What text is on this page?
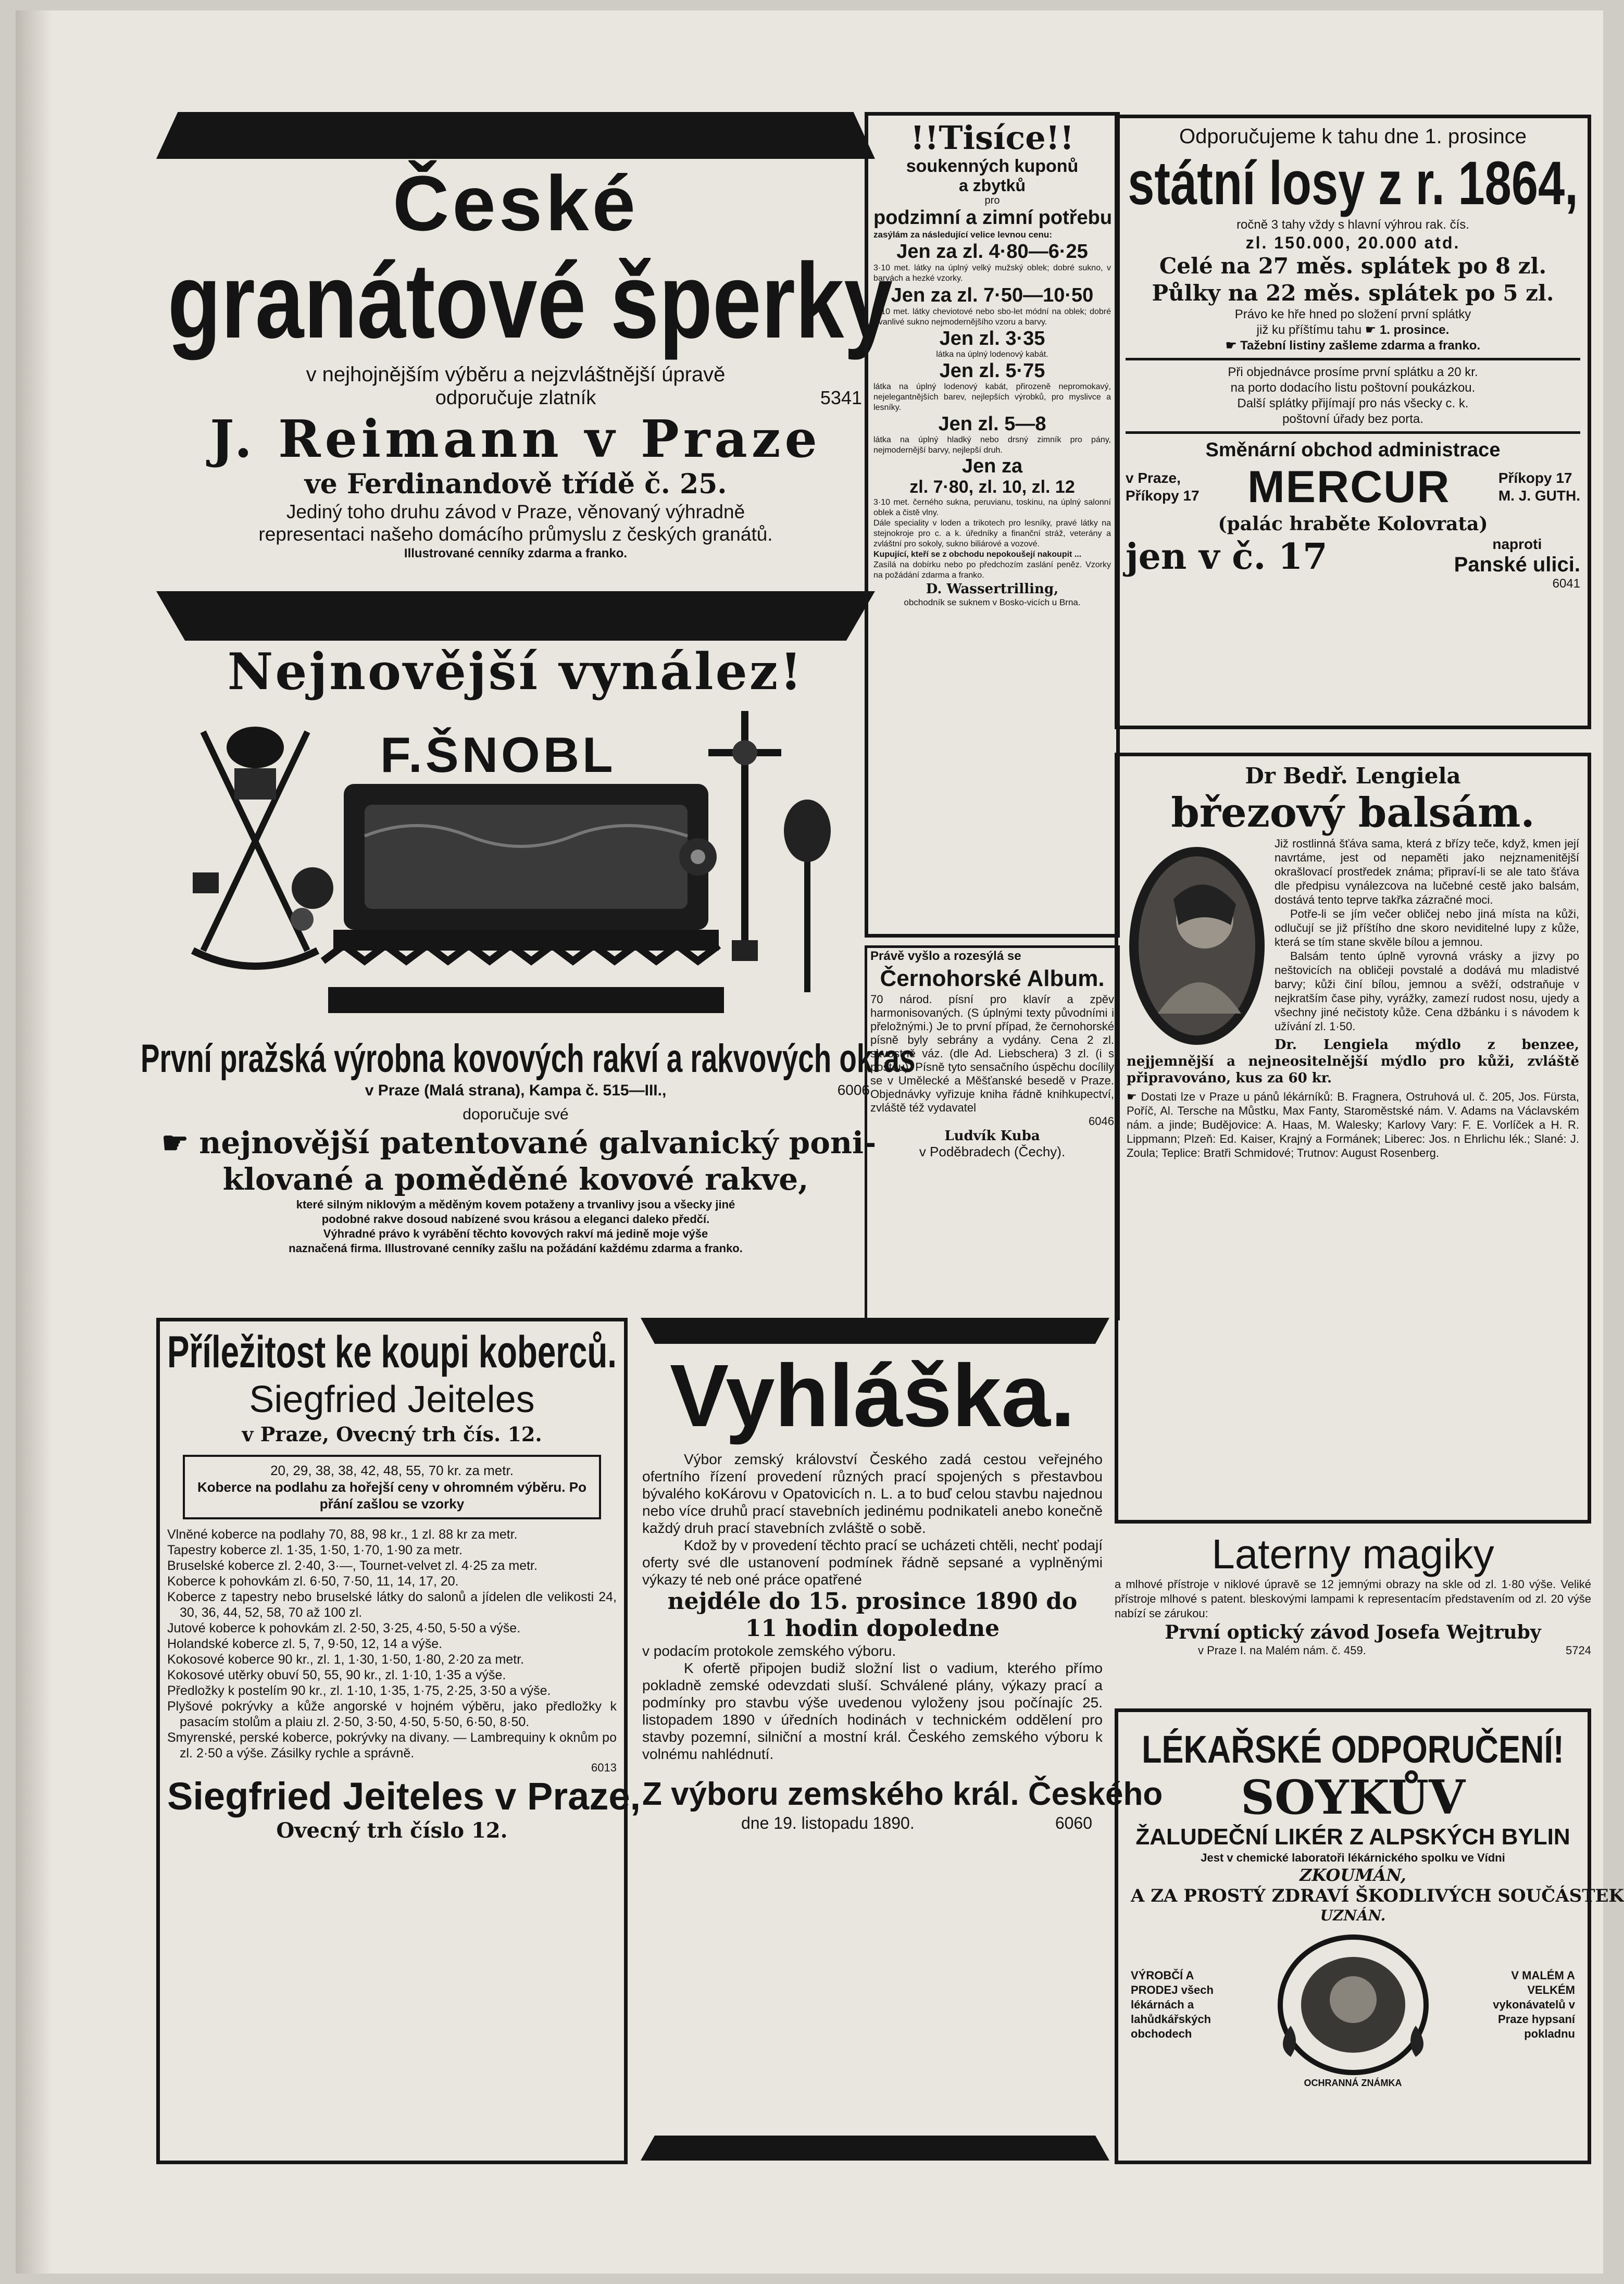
České
granátové šperky
v nejhojnějším výběru a nejzvláštnější úpravě
odporučuje zlatník	5341
J. Reimann v Praze
ve Ferdinandově třídě č. 25.
Jediný toho druhu závod v Praze, věnovaný výhradně
representaci našeho domácího průmyslu z českých granátů.
Illustrované cenníky zdarma a franko.
Nejnovější vynález!
F.ŠNOBL
První pražská výrobna kovových rakví a rakvových okras
v Praze (Malá strana), Kampa č. 515—III.,	6006
doporučuje své
☛ nejnovější patentované galvanický poni-
klované a poměděné kovové rakve,
které silným niklovým a měděným kovem potaženy a trvanlivy jsou a všecky jiné
podobné rakve dosoud nabízené svou krásou a eleganci daleko předčí.
Výhradné právo k vyrábění těchto kovových rakví má jedině moje výše
naznačená firma. Illustrované cenníky zašlu na požádání každému zdarma a franko.
!!Tisíce!!
soukenných kuponů
a zbytků
pro
podzimní a zimní potřebu
zasýlám za následující velice levnou cenu:
Jen za zl. 4·80—6·25
3·10 met. látky na úplný velký mužský oblek; dobré sukno, v barvách a hezké vzorky.
Jen za zl. 7·50—10·50
3·10 met. látky cheviotové nebo sbo-let módní na oblek; dobré trvanlivé sukno nejmodernějšího vzoru a barvy.
Jen zl. 3·35
látka na úplný lodenový kabát.
Jen zl. 5·75
látka na úplný lodenový kabát, přirozeně nepromokavý, nejelegantnějších barev, nejlepších výrobků, pro myslivce a lesníky.
Jen zl. 5—8
látka na úplný hladký nebo drsný zimník pro pány, nejmodernější barvy, nejlepší druh.
Jen za
zl. 7·80, zl. 10, zl. 12
3·10 met. černého sukna, peruvianu, toskinu, na úplný salonní oblek a čistě vlny.
Dále speciality v loden a trikotech pro lesníky, pravé látky na stejnokroje pro c. a k. úředníky a finanční stráž, veterány a zvláštní pro sokoly, sukno biliárové a vozové.
Kupující, kteří se z obchodu nepokoušejí nakoupit ...
Zasílá na dobírku nebo po předchozím zaslání peněz. Vzorky na požádání zdarma a franko.
D. Wassertrilling,
obchodník se suknem v Bosko-vicích u Brna.
Právě vyšlo a rozesýlá se
Černohorské Album.
70 národ. písní pro klavír a zpěv harmonisovaných. (S úplnými texty původními i přeložnými.) Je to první případ, že černohorské písně byly sebrány a vydány. Cena 2 zl. skvostně váz. (dle Ad. Liebschera) 3 zl. (i s poštou). Písně tyto sensačního úspěchu docílily se v Umělecké a Měšťanské besedě v Praze. Objednávky vyřizuje kniha řádně knihkupectví, zvláště též vydavatel
6046
Ludvík Kuba
v Poděbradech (Čechy).
Odporučujeme k tahu dne 1. prosince
státní losy z r. 1864,
ročně 3 tahy vždy s hlavní výhrou rak. čís.
zl. 150.000, 20.000 atd.
Celé na 27 měs. splátek po 8 zl.
Půlky na 22 měs. splátek po 5 zl.
Právo ke hře hned po složení první splátky
již ku příštímu tahu ☛ 1. prosince.
☛ Tažební listiny zašleme zdarma a franko.
Při objednávce prosíme první splátku a 20 kr.
na porto dodacího listu poštovní poukázkou.
Další splátky přijímají pro nás všecky c. k.
poštovní úřady bez porta.
Směnární obchod administrace
v Praze,
Příkopy 17 MERCUR	Příkopy 17
M. J. GUTH.
(palác hraběte Kolovrata)
jen v č. 17	naproti
Panské ulici.
6041
Dr Bedř. Lengiela
březový balsám.
Již rostlinná šťáva sama, která z břízy teče, když, kmen její navrtáme, jest od nepaměti jako nejznamenitější okrašlovací prostředek známa; připraví-li se ale tato šťáva dle předpisu vynálezcova na lučebné cestě jako balsám, dostává tento teprve takřka zázračné moci.
Potře-li se jím večer obličej nebo jiná místa na kůži, odlučují se již příštího dne skoro neviditelné lupy z kůže, která se tím stane skvěle bílou a jemnou.
Balsám tento úplně vyrovná vrásky a jizvy po neštovicích na obličeji povstalé a dodává mu mladistvé barvy; kůži činí bílou, jemnou a svěží, odstraňuje v nejkratším čase pihy, vyrážky, zamezí rudost nosu, ujedy a všechny jiné nečistoty kůže. Cena džbánku i s návodem k užívání zl. 1·50.
Dr. Lengiela mýdlo z benzee, nejjemnější a nejneositelnější mýdlo pro kůži, zvláště připravováno, kus za 60 kr.
☛ Dostati lze v Praze u pánů lékárníků: B. Fragnera, Ostruhová ul. č. 205, Jos. Fürsta, Poříč, Al. Tersche na Můstku, Max Fanty, Staroměstské nám. V. Adams na Václavském nám. a jinde; Budějovice: A. Haas, M. Walesky; Karlovy Vary: F. E. Vorlíček a H. R. Lippmann; Plzeň: Ed. Kaiser, Krajný a Formánek; Liberec: Jos. n Ehrlichu lék.; Slané: J. Zoula; Teplice: Bratři Schmidové; Trutnov: August Rosenberg.
Laterny magiky
a mlhové přístroje v niklové úpravě se 12 jemnými obrazy na skle od zl. 1·80 výše. Veliké přístroje mlhové s patent. bleskovými lampami k representacím představením od zl. 20 výše nabízí se zárukou:
První optický závod Josefa Wejtruby
v Praze I. na Malém nám. č. 459.	5724
LÉKAŘSKÉ ODPORUČENÍ!
SOYKŮV
ŽALUDEČNÍ LIKÉR Z ALPSKÝCH BYLIN
Jest v chemické laboratoři lékárnického spolku ve Vídni
ZKOUMÁN,
A ZA PROSTÝ ZDRAVÍ ŠKODLIVÝCH SOUČÁSTEK
UZNÁN.
VÝROBČÍ A PRODEJ všech lékárnách a lahůdkářských obchodech
V MALÉM A VELKÉM vykonávatelů v Praze hypsaní pokladnu
OCHRANNÁ ZNÁMKA
Příležitost ke koupi koberců.
Siegfried Jeiteles
v Praze, Ovecný trh čís. 12.
20, 29, 38, 38, 42, 48, 55, 70 kr. za metr.
Koberce na podlahu za hořejší ceny v ohromném výběru. Po přání zašlou se vzorky
Vlněné koberce na podlahy 70, 88, 98 kr., 1 zl. 88 kr za metr.
Tapestry koberce zl. 1·35, 1·50, 1·70, 1·90 za metr.
Bruselské koberce zl. 2·40, 3·—, Tournet-velvet zl. 4·25 za metr.
Koberce k pohovkám zl. 6·50, 7·50, 11, 14, 17, 20.
Koberce z tapestry nebo bruselské látky do salonů a jídelen dle velikosti 24, 30, 36, 44, 52, 58, 70 až 100 zl.
Jutové koberce k pohovkám zl. 2·50, 3·25, 4·50, 5·50 a výše.
Holandské koberce zl. 5, 7, 9·50, 12, 14 a výše.
Kokosové koberce 90 kr., zl. 1, 1·30, 1·50, 1·80, 2·20 za metr.
Kokosové utěrky obuví 50, 55, 90 kr., zl. 1·10, 1·35 a výše.
Předložky k postelím 90 kr., zl. 1·10, 1·35, 1·75, 2·25, 3·50 a výše.
Plyšové pokrývky a kůže angorské v hojném výběru, jako předložky k pasacím stolům a plaiu zl. 2·50, 3·50, 4·50, 5·50, 6·50, 8·50.
Smyrenské, perské koberce, pokrývky na divany. — Lambrequiny k oknům po zl. 2·50 a výše. Zásilky rychle a správně.
6013
Siegfried Jeiteles v Praze,
Ovecný trh číslo 12.
Vyhláška.
Výbor zemský království Českého zadá cestou veřejného ofertního řízení provedení různých prací spojených s přestavbou bývalého koKárovu v Opatovicích n. L. a to buď celou stavbu najednou nebo více druhů prací stavebních jedinému podnikateli anebo konečně každý druh prací stavebních zvláště o sobě.
Kdož by v provedení těchto prací se ucházeti chtěli, nechť podají oferty své dle ustanovení podmínek řádně sepsané a vyplněnými výkazy té neb oné práce opatřené
nejdéle do 15. prosince 1890 do
11 hodin dopoledne
v podacím protokole zemského výboru.
K ofertě připojen budiž složní list o vadium, kterého přímo pokladně zemské odevzdati sluší. Schválené plány, výkazy prací a podmínky pro stavbu výše uvedenou vyloženy jsou počínajíc 25. listopadem 1890 v úředních hodinách v technickém oddělení pro stavby pozemní, silniční a mostní král. Českého zemského výboru k volnému nahlédnutí.
Z výboru zemského král. Českého
dne 19. listopadu 1890.	6060
